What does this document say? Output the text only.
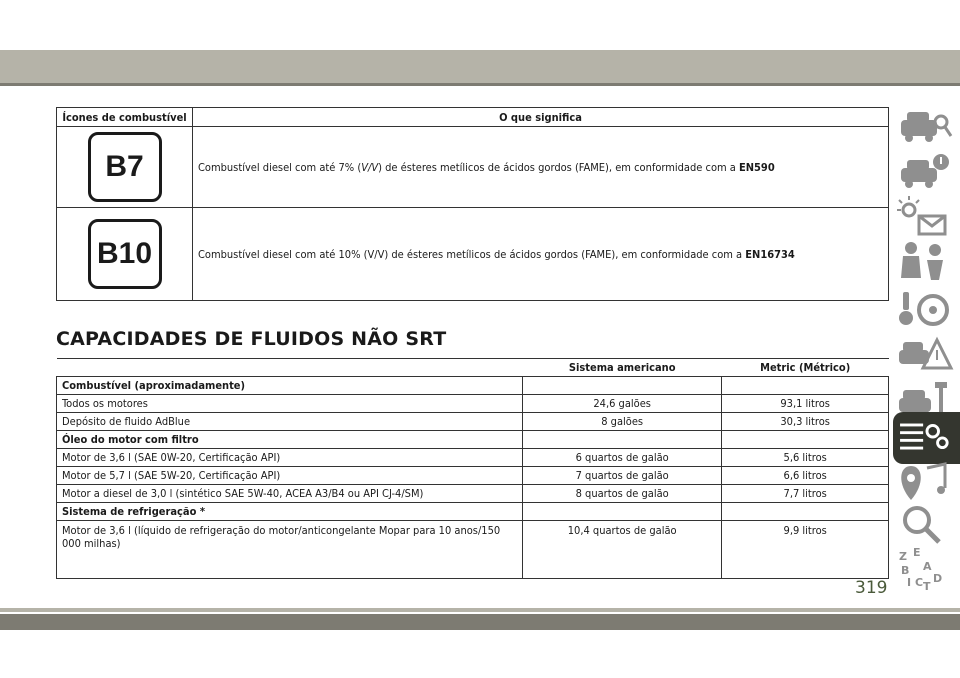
Ícones de combustível	O que significa
B7	Combustível diesel com até 7% (V/V) de ésteres metílicos de ácidos gordos (FAME), em conformidade com a EN590
B10	Combustível diesel com até 10% (V/V) de ésteres metílicos de ácidos gordos (FAME), em conformidade com a EN16734
CAPACIDADES DE FLUIDOS NÃO SRT
	Sistema americano	Metric (Métrico)
Combustível (aproximadamente)		
Todos os motores	24,6 galões	93,1 litros
Depósito de fluido AdBlue	8 galões	30,3 litros
Óleo do motor com filtro		
Motor de 3,6 l (SAE 0W-20, Certificação API)	6 quartos de galão	5,6 litros
Motor de 5,7 l (SAE 5W-20, Certificação API)	7 quartos de galão	6,6 litros
Motor a diesel de 3,0 l (sintético SAE 5W-40, ACEA A3/B4 ou API CJ-4/SM)	8 quartos de galão	7,7 litros
Sistema de refrigeração *		
Motor de 3,6 l (líquido de refrigeração do motor/anticongelante Mopar para 10 anos/150 000 milhas)	10,4 quartos de galão	9,9 litros
Z E
B A
I C T
D
319
